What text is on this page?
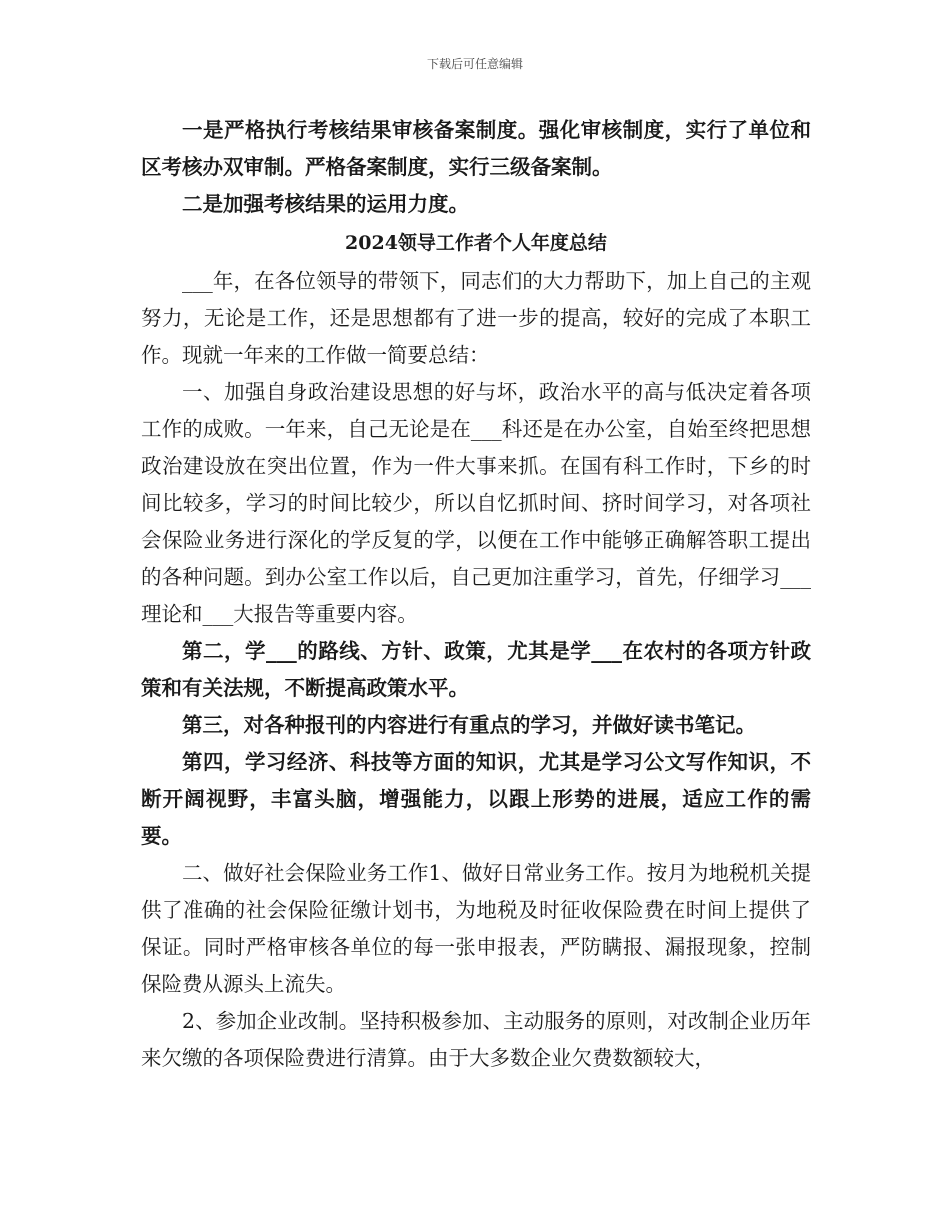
下载后可任意编辑

一是严格执行考核结果审核备案制度。强化审核制度，实行了单位和区考核办双审制。严格备案制度，实行三级备案制。

二是加强考核结果的运用力度。

2024领导工作者个人年度总结

___年，在各位领导的带领下，同志们的大力帮助下，加上自己的主观努力，无论是工作，还是思想都有了进一步的提高，较好的完成了本职工作。现就一年来的工作做一简要总结：

一、加强自身政治建设思想的好与坏，政治水平的高与低决定着各项工作的成败。一年来，自己无论是在___科还是在办公室，自始至终把思想政治建设放在突出位置，作为一件大事来抓。在国有科工作时，下乡的时间比较多，学习的时间比较少，所以自忆抓时间、挤时间学习，对各项社会保险业务进行深化的学反复的学，以便在工作中能够正确解答职工提出的各种问题。到办公室工作以后，自己更加注重学习，首先，仔细学习___理论和___大报告等重要内容。

第二，学___的路线、方针、政策，尤其是学___在农村的各项方针政策和有关法规，不断提高政策水平。

第三，对各种报刊的内容进行有重点的学习，并做好读书笔记。

第四，学习经济、科技等方面的知识，尤其是学习公文写作知识，不断开阔视野，丰富头脑，增强能力，以跟上形势的进展，适应工作的需要。

二、做好社会保险业务工作1、做好日常业务工作。按月为地税机关提供了准确的社会保险征缴计划书，为地税及时征收保险费在时间上提供了保证。同时严格审核各单位的每一张申报表，严防瞒报、漏报现象，控制保险费从源头上流失。

2、参加企业改制。坚持积极参加、主动服务的原则，对改制企业历年来欠缴的各项保险费进行清算。由于大多数企业欠费数额较大，
